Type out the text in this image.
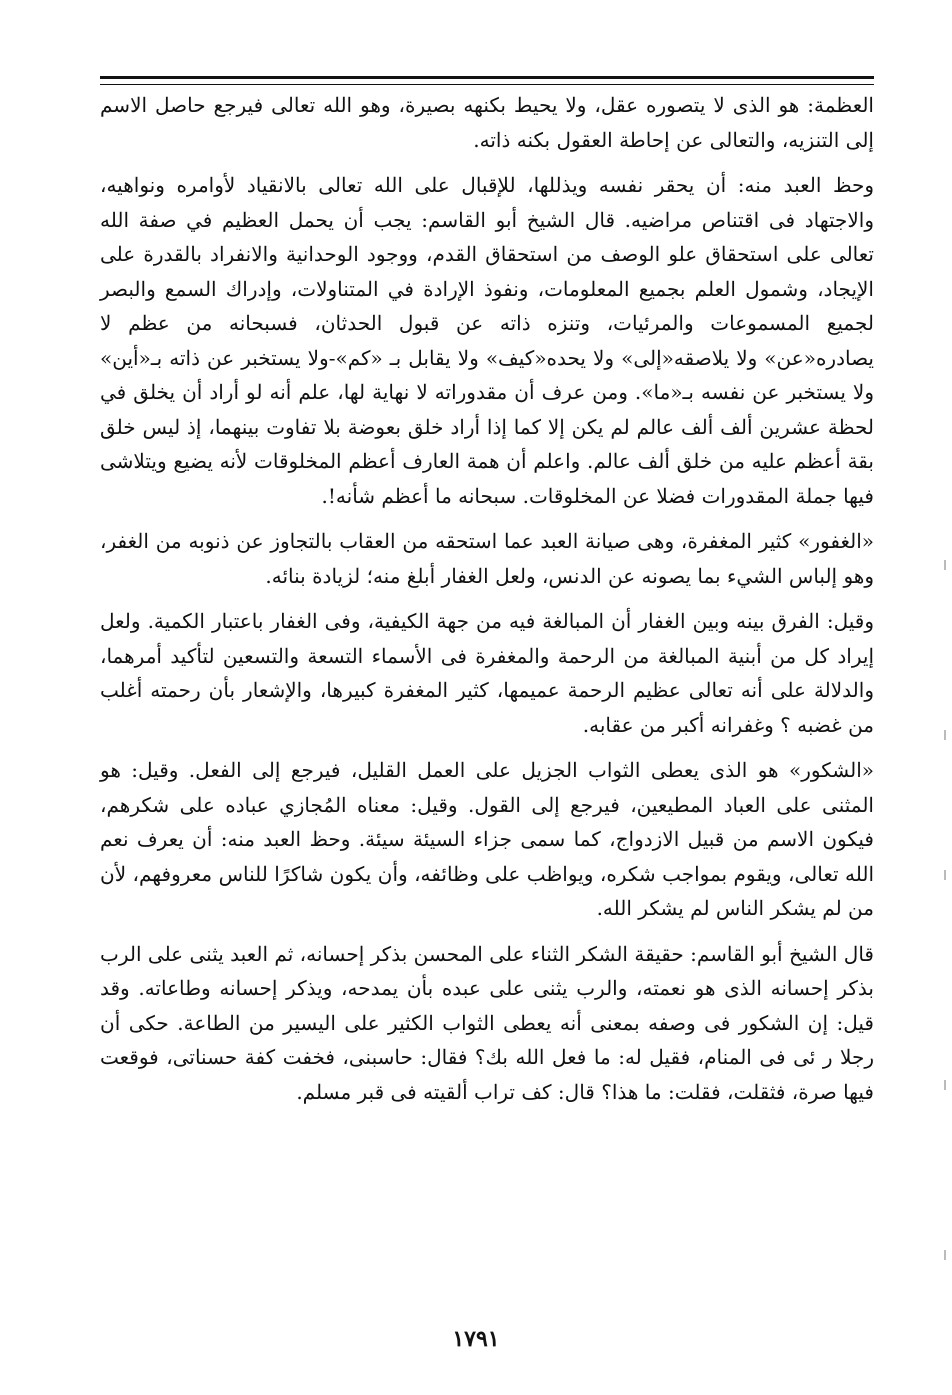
العظمة: هو الذى لا يتصوره عقل، ولا يحيط بكنهه بصيرة، وهو الله تعالى فيرجع حاصل الاسم إلى التنزيه، والتعالى عن إحاطة العقول بكنه ذاته.

وحظ العبد منه: أن يحقر نفسه ويذللها، للإقبال على الله تعالى بالانقياد لأوامره ونواهيه، والاجتهاد فى اقتناص مراضيه. قال الشيخ أبو القاسم: يجب أن يحمل العظيم في صفة الله تعالى على استحقاق علو الوصف من استحقاق القدم، ووجود الوحدانية والانفراد بالقدرة على الإيجاد، وشمول العلم بجميع المعلومات، ونفوذ الإرادة في المتناولات، وإدراك السمع والبصر لجميع المسموعات والمرئيات، وتنزه ذاته عن قبول الحدثان، فسبحانه من عظم لا يصادره«عن» ولا يلاصقه«إلى» ولا يحده«كيف» ولا يقابل بـ «كم»-ولا يستخبر عن ذاته بـ«أين» ولا يستخبر عن نفسه بـ«ما». ومن عرف أن مقدوراته لا نهاية لها، علم أنه لو أراد أن يخلق في لحظة عشرين ألف ألف عالم لم يكن إلا كما إذا أراد خلق بعوضة بلا تفاوت بينهما، إذ ليس خلق بقة أعظم عليه من خلق ألف عالم. واعلم أن همة العارف أعظم المخلوقات لأنه يضيع ويتلاشى فيها جملة المقدورات فضلا عن المخلوقات. سبحانه ما أعظم شأنه!.

«الغفور» كثير المغفرة، وهى صيانة العبد عما استحقه من العقاب بالتجاوز عن ذنوبه من الغفر، وهو إلباس الشيء بما يصونه عن الدنس، ولعل الغفار أبلغ منه؛ لزيادة بنائه.

وقيل: الفرق بينه وبين الغفار أن المبالغة فيه من جهة الكيفية، وفى الغفار باعتبار الكمية. ولعل إيراد كل من أبنية المبالغة من الرحمة والمغفرة فى الأسماء التسعة والتسعين لتأكيد أمرهما، والدلالة على أنه تعالى عظيم الرحمة عميمها، كثير المغفرة كبيرها، والإشعار بأن رحمته أغلب من غضبه ؟ وغفرانه أكبر من عقابه.

«الشكور» هو الذى يعطى الثواب الجزيل على العمل القليل، فيرجع إلى الفعل. وقيل: هو المثنى على العباد المطيعين، فيرجع إلى القول. وقيل: معناه المُجازي عباده على شكرهم، فيكون الاسم من قبيل الازدواج، كما سمى جزاء السيئة سيئة. وحظ العبد منه: أن يعرف نعم الله تعالى، ويقوم بمواجب شكره، ويواظب على وظائفه، وأن يكون شاكرًا للناس معروفهم، لأن من لم يشكر الناس لم يشكر الله.

قال الشيخ أبو القاسم: حقيقة الشكر الثناء على المحسن بذكر إحسانه، ثم العبد يثنى على الرب بذكر إحسانه الذى هو نعمته، والرب يثنى على عبده بأن يمدحه، ويذكر إحسانه وطاعاته. وقد قيل: إن الشكور فى وصفه بمعنى أنه يعطى الثواب الكثير على اليسير من الطاعة. حكى أن رجلا ر ئى فى المنام، فقيل له: ما فعل الله بك؟ فقال: حاسبنى، فخفت كفة حسناتى، فوقعت فيها صرة، فثقلت، فقلت: ما هذا؟ قال: كف تراب ألقيته فى قبر مسلم.

١٧٩١
